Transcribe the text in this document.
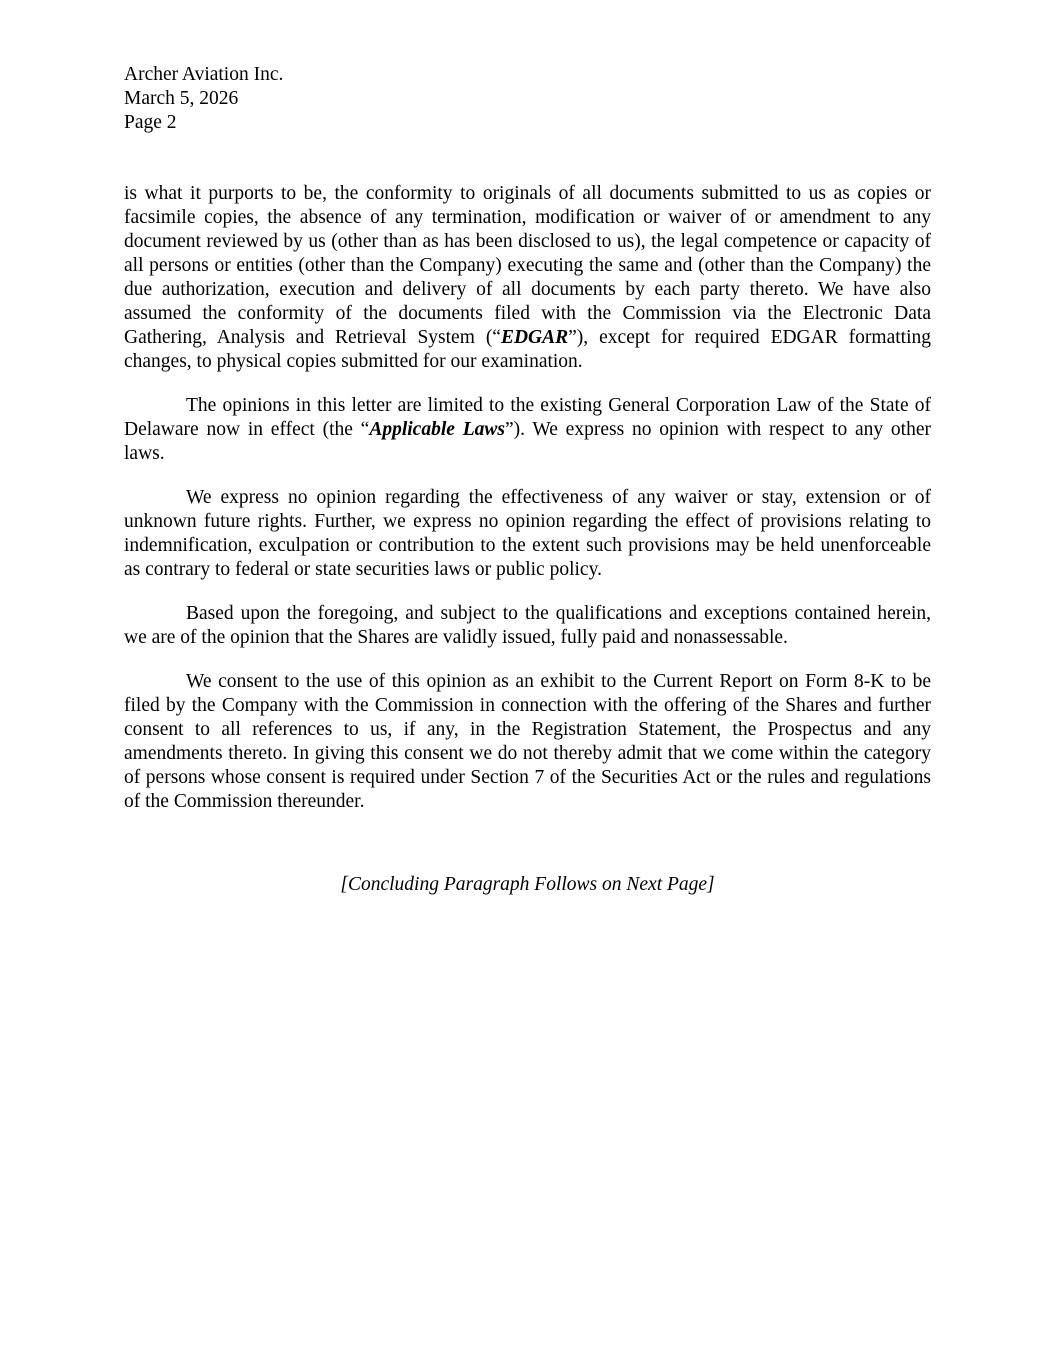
Archer Aviation Inc.

March 5, 2026

Page 2

is what it purports to be, the conformity to originals of all documents submitted to us as copies or facsimile copies, the absence of any termination, modification or waiver of or amendment to any document reviewed by us (other than as has been disclosed to us), the legal competence or capacity of all persons or entities (other than the Company) executing the same and (other than the Company) the due authorization, execution and delivery of all documents by each party thereto. We have also assumed the conformity of the documents filed with the Commission via the Electronic Data Gathering, Analysis and Retrieval System (“EDGAR”), except for required EDGAR formatting changes, to physical copies submitted for our examination.

The opinions in this letter are limited to the existing General Corporation Law of the State of Delaware now in effect (the “Applicable Laws”). We express no opinion with respect to any other laws.

We express no opinion regarding the effectiveness of any waiver or stay, extension or of unknown future rights. Further, we express no opinion regarding the effect of provisions relating to indemnification, exculpation or contribution to the extent such provisions may be held unenforceable as contrary to federal or state securities laws or public policy.

Based upon the foregoing, and subject to the qualifications and exceptions contained herein, we are of the opinion that the Shares are validly issued, fully paid and nonassessable.

We consent to the use of this opinion as an exhibit to the Current Report on Form 8-K to be filed by the Company with the Commission in connection with the offering of the Shares and further consent to all references to us, if any, in the Registration Statement, the Prospectus and any amendments thereto. In giving this consent we do not thereby admit that we come within the category of persons whose consent is required under Section 7 of the Securities Act or the rules and regulations of the Commission thereunder.

[Concluding Paragraph Follows on Next Page]
